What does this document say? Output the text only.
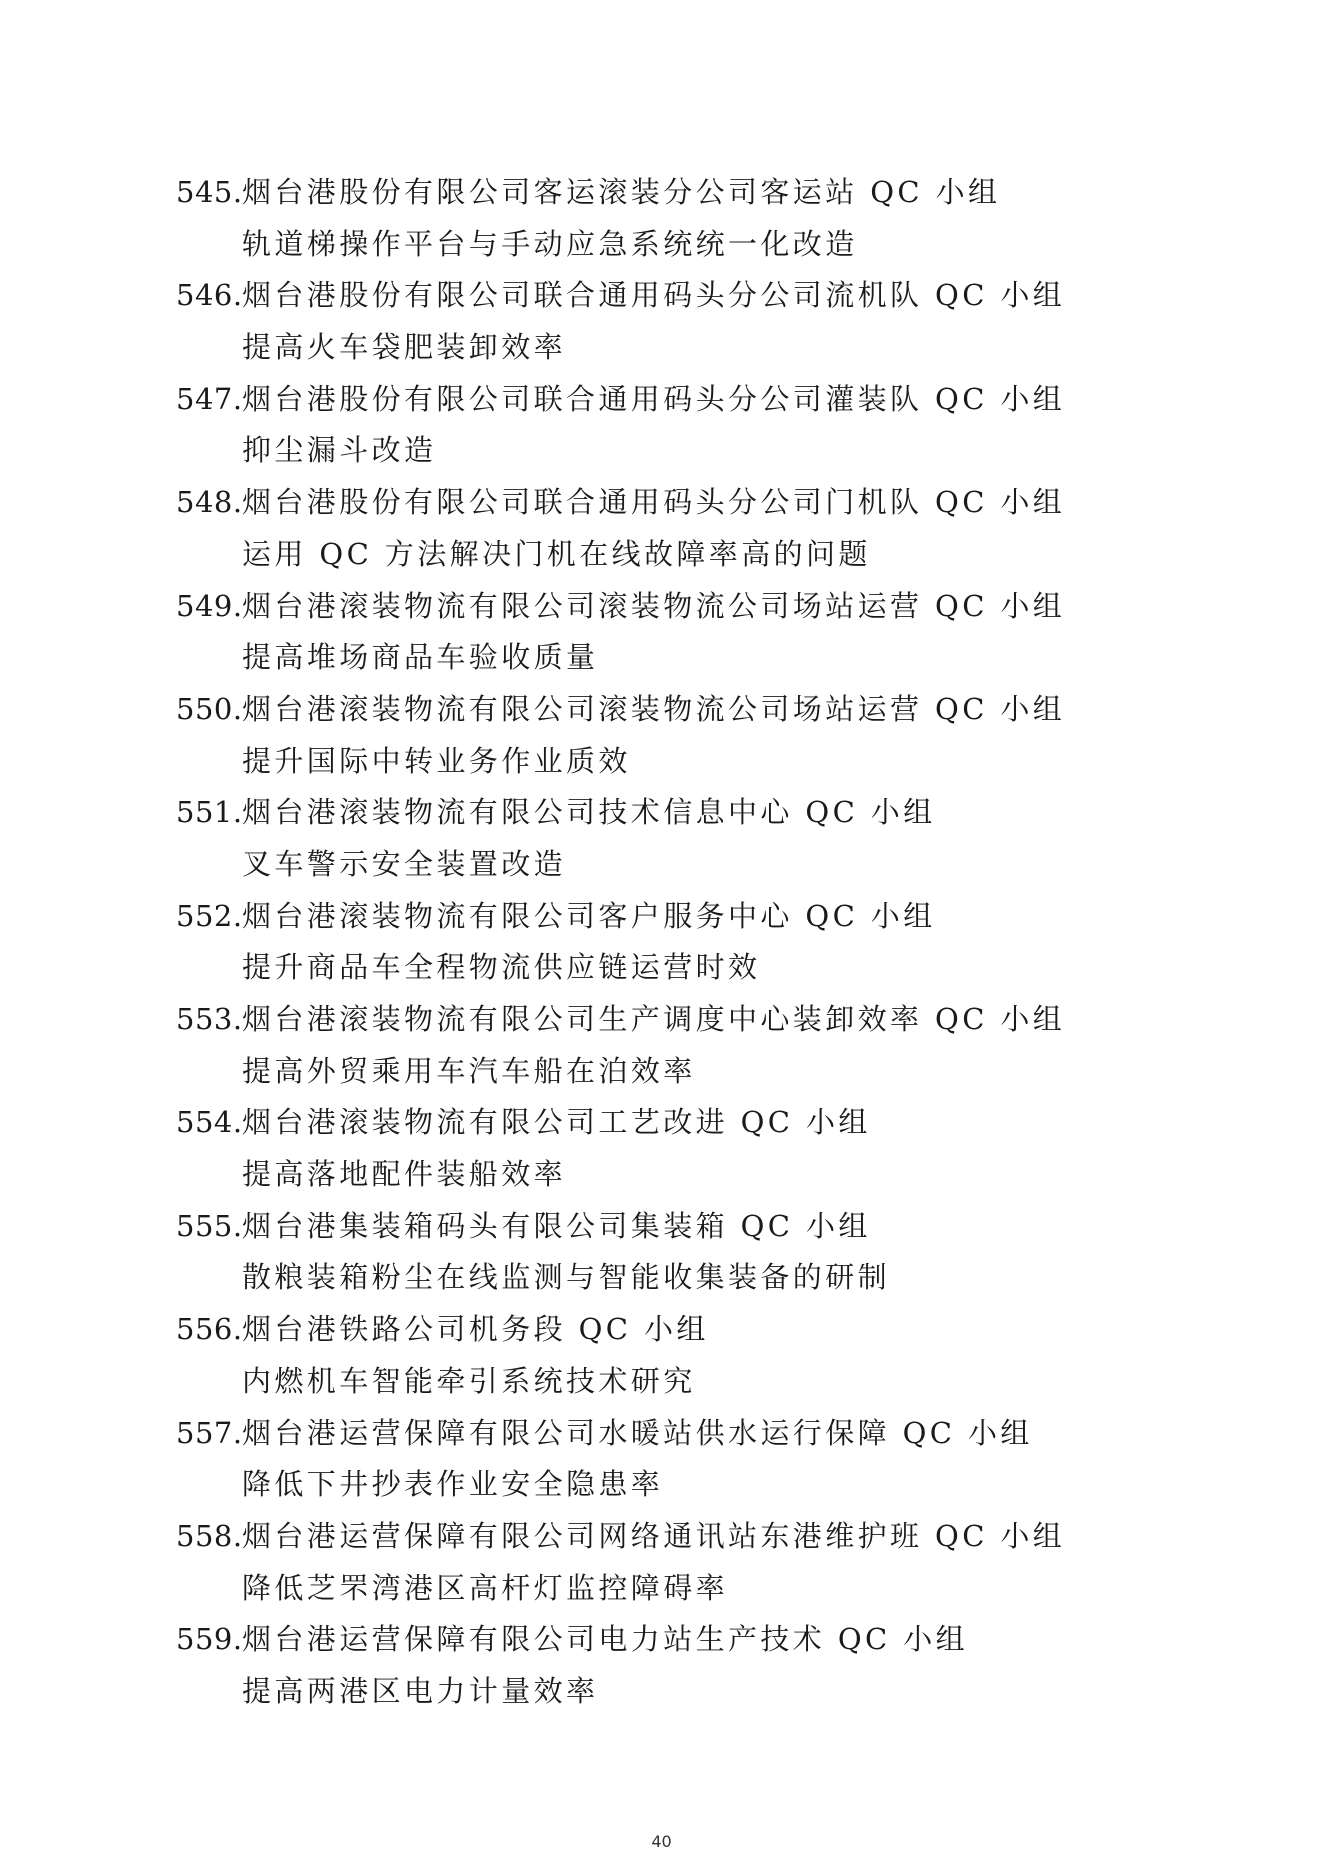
545.烟台港股份有限公司客运滚装分公司客运站 QC 小组
轨道梯操作平台与手动应急系统统一化改造
546.烟台港股份有限公司联合通用码头分公司流机队 QC 小组
提高火车袋肥装卸效率
547.烟台港股份有限公司联合通用码头分公司灌装队 QC 小组
抑尘漏斗改造
548.烟台港股份有限公司联合通用码头分公司门机队 QC 小组
运用 QC 方法解决门机在线故障率高的问题
549.烟台港滚装物流有限公司滚装物流公司场站运营 QC 小组
提高堆场商品车验收质量
550.烟台港滚装物流有限公司滚装物流公司场站运营 QC 小组
提升国际中转业务作业质效
551.烟台港滚装物流有限公司技术信息中心 QC 小组
叉车警示安全装置改造
552.烟台港滚装物流有限公司客户服务中心 QC 小组
提升商品车全程物流供应链运营时效
553.烟台港滚装物流有限公司生产调度中心装卸效率 QC 小组
提高外贸乘用车汽车船在泊效率
554.烟台港滚装物流有限公司工艺改进 QC 小组
提高落地配件装船效率
555.烟台港集装箱码头有限公司集装箱 QC 小组
散粮装箱粉尘在线监测与智能收集装备的研制
556.烟台港铁路公司机务段 QC 小组
内燃机车智能牵引系统技术研究
557.烟台港运营保障有限公司水暖站供水运行保障 QC 小组
降低下井抄表作业安全隐患率
558.烟台港运营保障有限公司网络通讯站东港维护班 QC 小组
降低芝罘湾港区高杆灯监控障碍率
559.烟台港运营保障有限公司电力站生产技术 QC 小组
提高两港区电力计量效率
40
